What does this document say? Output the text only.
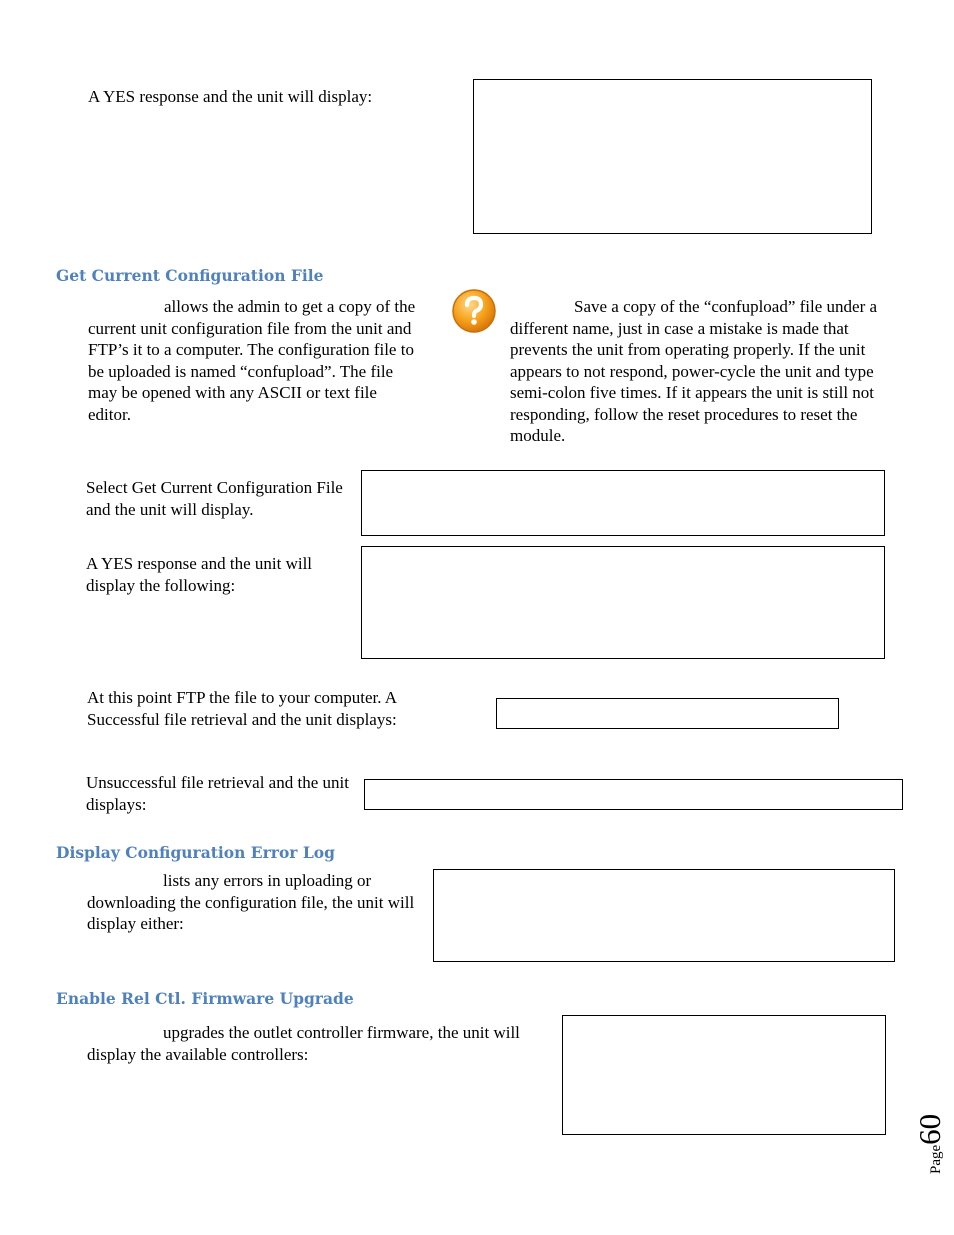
A YES response and the unit will display:

Get Current Configuration File

allows the admin to get a copy of the current unit configuration file from the unit and FTP’s it to a computer. The configuration file to be uploaded is named “confupload”. The file may be opened with any ASCII or text file editor.

Save a copy of the “confupload” file under a different name, just in case a mistake is made that prevents the unit from operating properly. If the unit appears to not respond, power-cycle the unit and type semi-colon five times. If it appears the unit is still not responding, follow the reset procedures to reset the module.

Select Get Current Configuration File and the unit will display.

A YES response and the unit will display the following:

At this point FTP the file to your computer. A Successful file retrieval and the unit displays:

Unsuccessful file retrieval and the unit displays:

Display Configuration Error Log

lists any errors in uploading or downloading the configuration file, the unit will display either:

Enable Rel Ctl. Firmware Upgrade

upgrades the outlet controller firmware, the unit will display the available controllers:

Page60
